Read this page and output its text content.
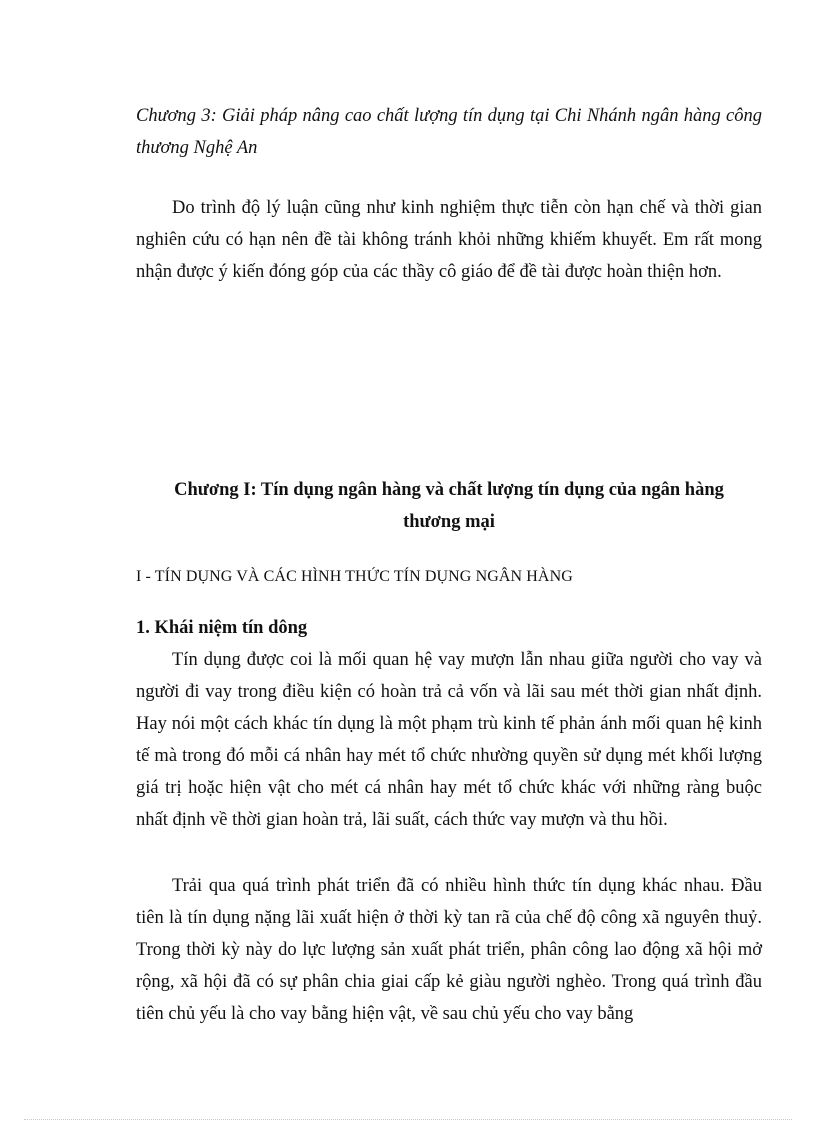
Chương 3: Giải pháp nâng cao chất lượng tín dụng tại Chi Nhánh ngân hàng công thương Nghệ An

Do trình độ lý luận cũng như kinh nghiệm thực tiễn còn hạn chế và thời gian nghiên cứu có hạn nên đề tài không tránh khỏi những khiếm khuyết. Em rất mong nhận được ý kiến đóng góp của các thầy cô giáo để đề tài được hoàn thiện hơn.

Chương I: Tín dụng ngân hàng và chất lượng tín dụng của ngân hàng
thương mại

I - TÍN DỤNG VÀ CÁC HÌNH THỨC TÍN DỤNG NGÂN HÀNG

1. Khái niệm tín dông

Tín dụng được coi là mối quan hệ vay mượn lẫn nhau giữa người cho vay và người đi vay trong điều kiện có hoàn trả cả vốn và lãi sau mét thời gian nhất định. Hay nói một cách khác tín dụng là một phạm trù kinh tế phản ánh mối quan hệ kinh tế mà trong đó mỗi cá nhân hay mét tổ chức nhường quyền sử dụng mét khối lượng giá trị hoặc hiện vật cho mét cá nhân hay mét tổ chức khác với những ràng buộc nhất định về thời gian hoàn trả, lãi suất, cách thức vay mượn và thu hồi.

Trải qua quá trình phát triển đã có nhiều hình thức tín dụng khác nhau. Đầu tiên là tín dụng nặng lãi xuất hiện ở thời kỳ tan rã của chế độ công xã nguyên thuỷ. Trong thời kỳ này do lực lượng sản xuất phát triển, phân công lao động xã hội mở rộng, xã hội đã có sự phân chia giai cấp kẻ giàu người nghèo. Trong quá trình đầu tiên chủ yếu là cho vay bằng hiện vật, về sau chủ yếu cho vay bằng
